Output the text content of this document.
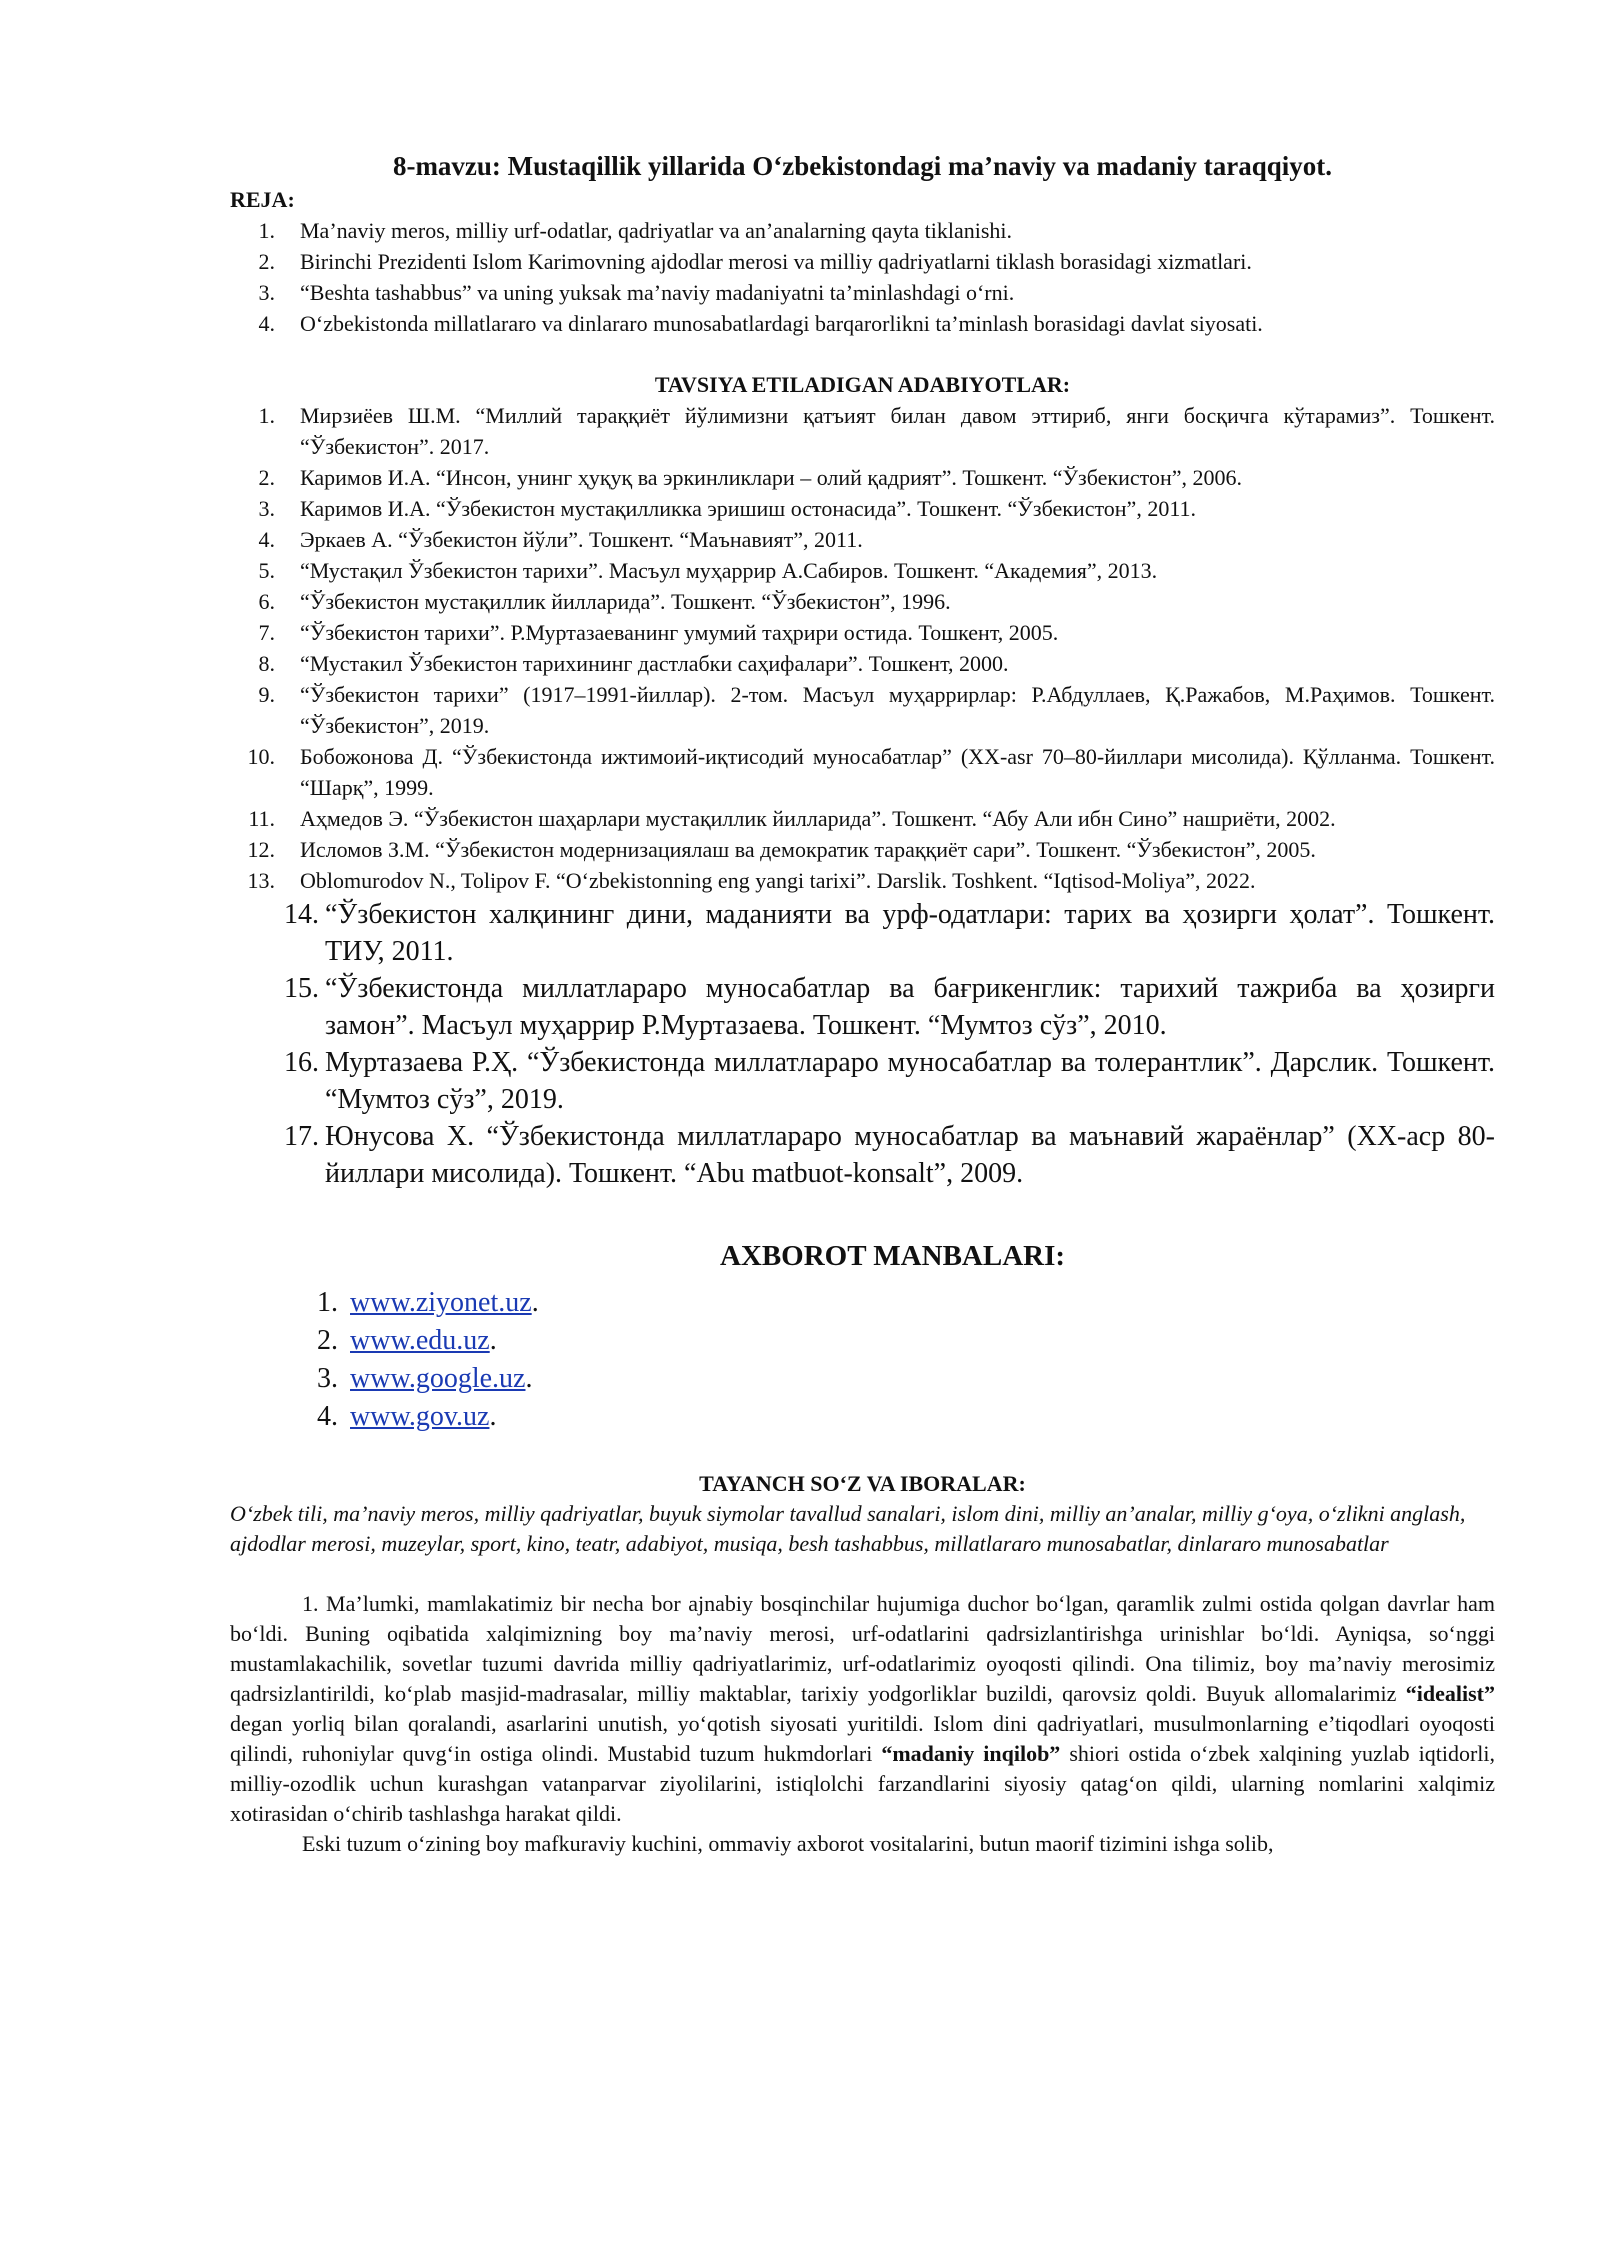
8-mavzu: Mustaqillik yillarida O‘zbekistondagi ma’naviy va madaniy taraqqiyot.
REJA:
1.	Ma’naviy meros, milliy urf-odatlar, qadriyatlar va an’analarning qayta tiklanishi.
2.	Birinchi Prezidenti Islom Karimovning ajdodlar merosi va milliy qadriyatlarni tiklash borasidagi xizmatlari.
3.	“Beshta tashabbus” va uning yuksak ma’naviy madaniyatni ta’minlashdagi o‘rni.
4.	O‘zbekistonda millatlararo va dinlararo munosabatlardagi barqarorlikni ta’minlash borasidagi davlat siyosati.
TAVSIYA ETILADIGAN ADABIYOTLAR:
1.	Мирзиёев Ш.М. “Миллий тараққиёт йўлимизни қатъият билан давом эттириб, янги босқичга кўтарамиз”. Тошкент. “Ўзбекистон”. 2017.
2.	Каримов И.А. “Инсон, унинг ҳуқуқ ва эркинликлари – олий қадрият”. Тошкент. “Ўзбекистон”, 2006.
3.	Каримов И.А. “Ўзбекистон мустақилликка эришиш остонасида”. Тошкент. “Ўзбекистон”, 2011.
4.	Эркаев А. “Ўзбекистон йўли”. Тошкент. “Маънавият”, 2011.
5.	“Мустақил Ўзбекистон тарихи”. Масъул муҳаррир А.Сабиров. Тошкент. “Академия”, 2013.
6.	“Ўзбекистон мустақиллик йилларида”. Тошкент. “Ўзбекистон”, 1996.
7.	“Ўзбекистон тарихи”. Р.Муртазаеванинг умумий таҳрири остида. Тошкент, 2005.
8.	“Мустакил Ўзбекистон тарихининг дастлабки саҳифалари”. Тошкент, 2000.
9.	“Ўзбекистон тарихи” (1917–1991-йиллар). 2-том. Масъул муҳаррирлар: Р.Абдуллаев, Қ.Ражабов, М.Раҳимов. Тошкент. “Ўзбекистон”, 2019.
10.	Бобожонова Д. “Ўзбекистонда ижтимоий-иқтисодий муносабатлар” (XX-asr 70–80-йиллари мисолида). Қўлланма. Тошкент. “Шарқ”, 1999.
11.	Аҳмедов Э. “Ўзбекистон шаҳарлари мустақиллик йилларида”. Тошкент. “Абу Али ибн Сино” нашриёти, 2002.
12.	Исломов З.М. “Ўзбекистон модернизациялаш ва демократик тараққиёт сари”. Тошкент. “Ўзбекистон”, 2005.
13.	Oblomurodov N., Tolipov F. “O‘zbekistonning eng yangi tarixi”. Darslik. Toshkent. “Iqtisod-Moliya”, 2022.
14. “Ўзбекистон халқининг дини, маданияти ва урф-одатлари: тарих ва ҳозирги ҳолат”. Тошкент. ТИУ, 2011.
15. “Ўзбекистонда миллатлараро муносабатлар ва бағрикенглик: тарихий тажриба ва ҳозирги замон”. Масъул муҳаррир Р.Муртазаева. Тошкент. “Мумтоз сўз”, 2010.
16. Муртазаева Р.Ҳ. “Ўзбекистонда миллатлараро муносабатлар ва толерантлик”. Дарслик. Тошкент. “Мумтоз сўз”, 2019.
17. Юнусова Х. “Ўзбекистонда миллатлараро муносабатлар ва маънавий жараёнлар” (XX-аср 80-йиллари мисолида). Тошкент. “Abu matbuot-konsalt”, 2009.
AXBOROT MANBALARI:
1. www.ziyonet.uz.
2. www.edu.uz.
3. www.google.uz.
4. www.gov.uz.
TAYANCH SO‘Z VA IBORALAR:

O‘zbek tili, ma’naviy meros, milliy qadriyatlar, buyuk siymolar tavallud sanalari, islom dini, milliy an’analar, milliy g‘oya, o‘zlikni anglash, ajdodlar merosi, muzeylar, sport, kino, teatr, adabiyot, musiqa, besh tashabbus, millatlararo munosabatlar, dinlararo munosabatlar

1. Ma’lumki, mamlakatimiz bir necha bor ajnabiy bosqinchilar hujumiga duchor bo‘lgan, qaramlik zulmi ostida qolgan davrlar ham bo‘ldi. Buning oqibatida xalqimizning boy ma’naviy merosi, urf-odatlarini qadrsizlantirishga urinishlar bo‘ldi. Ayniqsa, so‘nggi mustamlakachilik, sovetlar tuzumi davrida milliy qadriyatlarimiz, urf-odatlarimiz oyoqosti qilindi. Ona tilimiz, boy ma’naviy merosimiz qadrsizlantirildi, ko‘plab masjid-madrasalar, milliy maktablar, tarixiy yodgorliklar buzildi, qarovsiz qoldi. Buyuk allomalarimiz “idealist” degan yorliq bilan qoralandi, asarlarini unutish, yo‘qotish siyosati yuritildi. Islom dini qadriyatlari, musulmonlarning e’tiqodlari oyoqosti qilindi, ruhoniylar quvg‘in ostiga olindi. Mustabid tuzum hukmdorlari “madaniy inqilob” shiori ostida o‘zbek xalqining yuzlab iqtidorli, milliy-ozodlik uchun kurashgan vatanparvar ziyolilarini, istiqlolchi farzandlarini siyosiy qatag‘on qildi, ularning nomlarini xalqimiz xotirasidan o‘chirib tashlashga harakat qildi.

Eski tuzum o‘zining boy mafkuraviy kuchini, ommaviy axborot vositalarini, butun maorif tizimini ishga solib,
